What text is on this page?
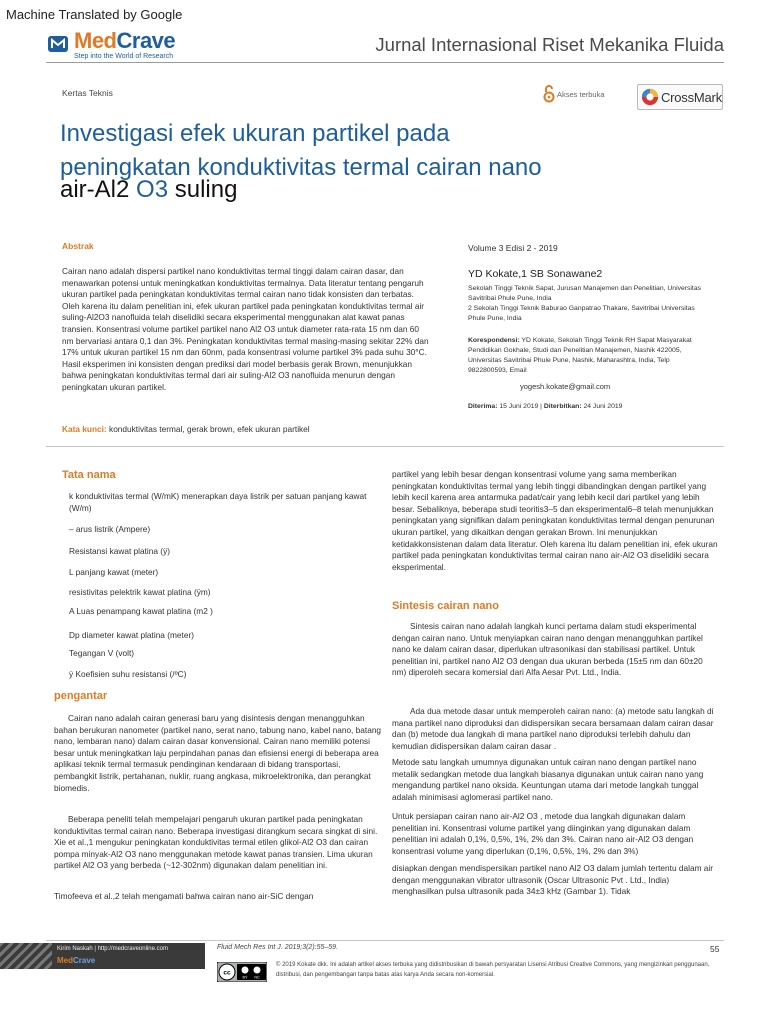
Machine Translated by Google
MedCrave
Step into the World of Research
Jurnal Internasional Riset Mekanika Fluida
Kertas Teknis	Akses terbuka	CrossMark
Investigasi efek ukuran partikel pada
peningkatan konduktivitas termal cairan nano
air-Al2 O3 suling
Abstrak
Cairan nano adalah dispersi partikel nano konduktivitas termal tinggi dalam cairan dasar, dan menawarkan potensi untuk meningkatkan konduktivitas termalnya. Data literatur tentang pengaruh ukuran partikel pada peningkatan konduktivitas termal cairan nano tidak konsisten dan terbatas. Oleh karena itu dalam penelitian ini, efek ukuran partikel pada peningkatan konduktivitas termal air suling-Al2O3 nanofluida telah diselidiki secara eksperimental menggunakan alat kawat panas transien. Konsentrasi volume partikel partikel nano Al2 O3 untuk diameter rata-rata 15 nm dan 60 nm bervariasi antara 0,1 dan 3%. Peningkatan konduktivitas termal masing-masing sekitar 22% dan 17% untuk ukuran partikel 15 nm dan 60nm, pada konsentrasi volume partikel 3% pada suhu 30°C. Hasil eksperimen ini konsisten dengan prediksi dari model berbasis gerak Brown, menunjukkan bahwa peningkatan konduktivitas termal dari air suling-Al2 O3 nanofluida menurun dengan peningkatan ukuran partikel.
Kata kunci: konduktivitas termal, gerak brown, efek ukuran partikel
Volume 3 Edisi 2 - 2019
YD Kokate,1 SB Sonawane2
Sekolah Tinggi Teknik Sapat, Jurusan Manajemen dan Penelitian, Universitas Savitribai Phule Pune, India
2 Sekolah Tinggi Teknik Baburao Ganpatrao Thakare, Savitribai Universitas Phule Pune, India
Korespondensi: YD Kokate, Sekolah Tinggi Teknik RH Sapat Masyarakat Pendidikan Gokhale, Studi dan Penelitian Manajemen, Nashik 422005, Universitas Savitribai Phule Pune, Nashik, Maharashtra, India, Telp 9822800593, Email
yogesh.kokate@gmail.com
Diterima: 15 Juni 2019 | Diterbitkan: 24 Juni 2019
Tata nama
k konduktivitas termal (W/mK) menerapkan daya listrik per satuan panjang kawat (W/m)
– arus listrik (Ampere)
Resistansi kawat platina (ÿ)
L panjang kawat (meter)
resistivitas pelektrik kawat platina (ÿm)
A Luas penampang kawat platina (m2 )
Dp diameter kawat platina (meter)
Tegangan V (volt)
ÿ Koefisien suhu resistansi (/ºC)
pengantar
Cairan nano adalah cairan generasi baru yang disintesis dengan menangguhkan bahan berukuran nanometer (partikel nano, serat nano, tabung nano, kabel nano, batang nano, lembaran nano) dalam cairan dasar konvensional. Cairan nano memiliki potensi besar untuk meningkatkan laju perpindahan panas dan efisiensi energi di beberapa area aplikasi teknik termal termasuk pendinginan kendaraan di bidang transportasi, pembangkit listrik, pertahanan, nuklir, ruang angkasa, mikroelektronika, dan perangkat biomedis.
Beberapa peneliti telah mempelajari pengaruh ukuran partikel pada peningkatan konduktivitas termal cairan nano. Beberapa investigasi dirangkum secara singkat di sini. Xie et al.,1 mengukur peningkatan konduktivitas termal etilen glikol-Al2 O3 dan cairan pompa minyak-Al2 O3 nano menggunakan metode kawat panas transien. Lima ukuran partikel Al2 O3 yang berbeda (~12-302nm) digunakan dalam penelitian ini.
Timofeeva et al.,2 telah mengamati bahwa cairan nano air-SiC dengan
partikel yang lebih besar dengan konsentrasi volume yang sama memberikan peningkatan konduktivitas termal yang lebih tinggi dibandingkan dengan partikel yang lebih kecil karena area antarmuka padat/cair yang lebih kecil dari partikel yang lebih besar. Sebaliknya, beberapa studi teoritis3–5 dan eksperimental6–8 telah menunjukkan peningkatan yang signifikan dalam peningkatan konduktivitas termal dengan penurunan ukuran partikel, yang dikaitkan dengan gerakan Brown. Ini menunjukkan ketidakkonsistenan dalam data literatur. Oleh karena itu dalam penelitian ini, efek ukuran partikel pada peningkatan konduktivitas termal cairan nano air-Al2 O3 diselidiki secara eksperimental.
Sintesis cairan nano
Sintesis cairan nano adalah langkah kunci pertama dalam studi eksperimental dengan cairan nano. Untuk menyiapkan cairan nano dengan menangguhkan partikel nano ke dalam cairan dasar, diperlukan ultrasonikasi dan stabilisasi partikel. Untuk penelitian ini, partikel nano Al2 O3 dengan dua ukuran berbeda (15±5 nm dan 60±20 nm) diperoleh secara komersial dari Alfa Aesar Pvt. Ltd., India.
Ada dua metode dasar untuk memperoleh cairan nano: (a) metode satu langkah di mana partikel nano diproduksi dan didispersikan secara bersamaan dalam cairan dasar dan (b) metode dua langkah di mana partikel nano diproduksi terlebih dahulu dan kemudian didispersikan dalam cairan dasar .
Metode satu langkah umumnya digunakan untuk cairan nano dengan partikel nano metalik sedangkan metode dua langkah biasanya digunakan untuk cairan nano yang mengandung partikel nano oksida. Keuntungan utama dari metode langkah tunggal adalah minimisasi aglomerasi partikel nano.
Untuk persiapan cairan nano air-Al2 O3 , metode dua langkah digunakan dalam penelitian ini. Konsentrasi volume partikel yang diinginkan yang digunakan dalam penelitian ini adalah 0,1%, 0,5%, 1%, 2% dan 3%. Cairan nano air-Al2 O3 dengan konsentrasi volume yang diperlukan (0,1%, 0,5%, 1%, 2% dan 3%)
disiapkan dengan mendispersikan partikel nano Al2 O3 dalam jumlah tertentu dalam air dengan menggunakan vibrator ultrasonik (Oscar Ultrasonic Pvt . Ltd., India) menghasilkan pulsa ultrasonik pada 34±3 kHz (Gambar 1). Tidak
Kirim Naskah | http://medcraveonline.com
MedCrave
Fluid Mech Res Int J. 2019;3(2):55‒59.	55
cc
BY NC
© 2019 Kokate dkk. Ini adalah artikel akses terbuka yang didistribusikan di bawah persyaratan Lisensi Atribusi Creative Commons, yang mengizinkan penggunaan, distribusi, dan pengembangan tanpa batas atas karya Anda secara non-komersial.
